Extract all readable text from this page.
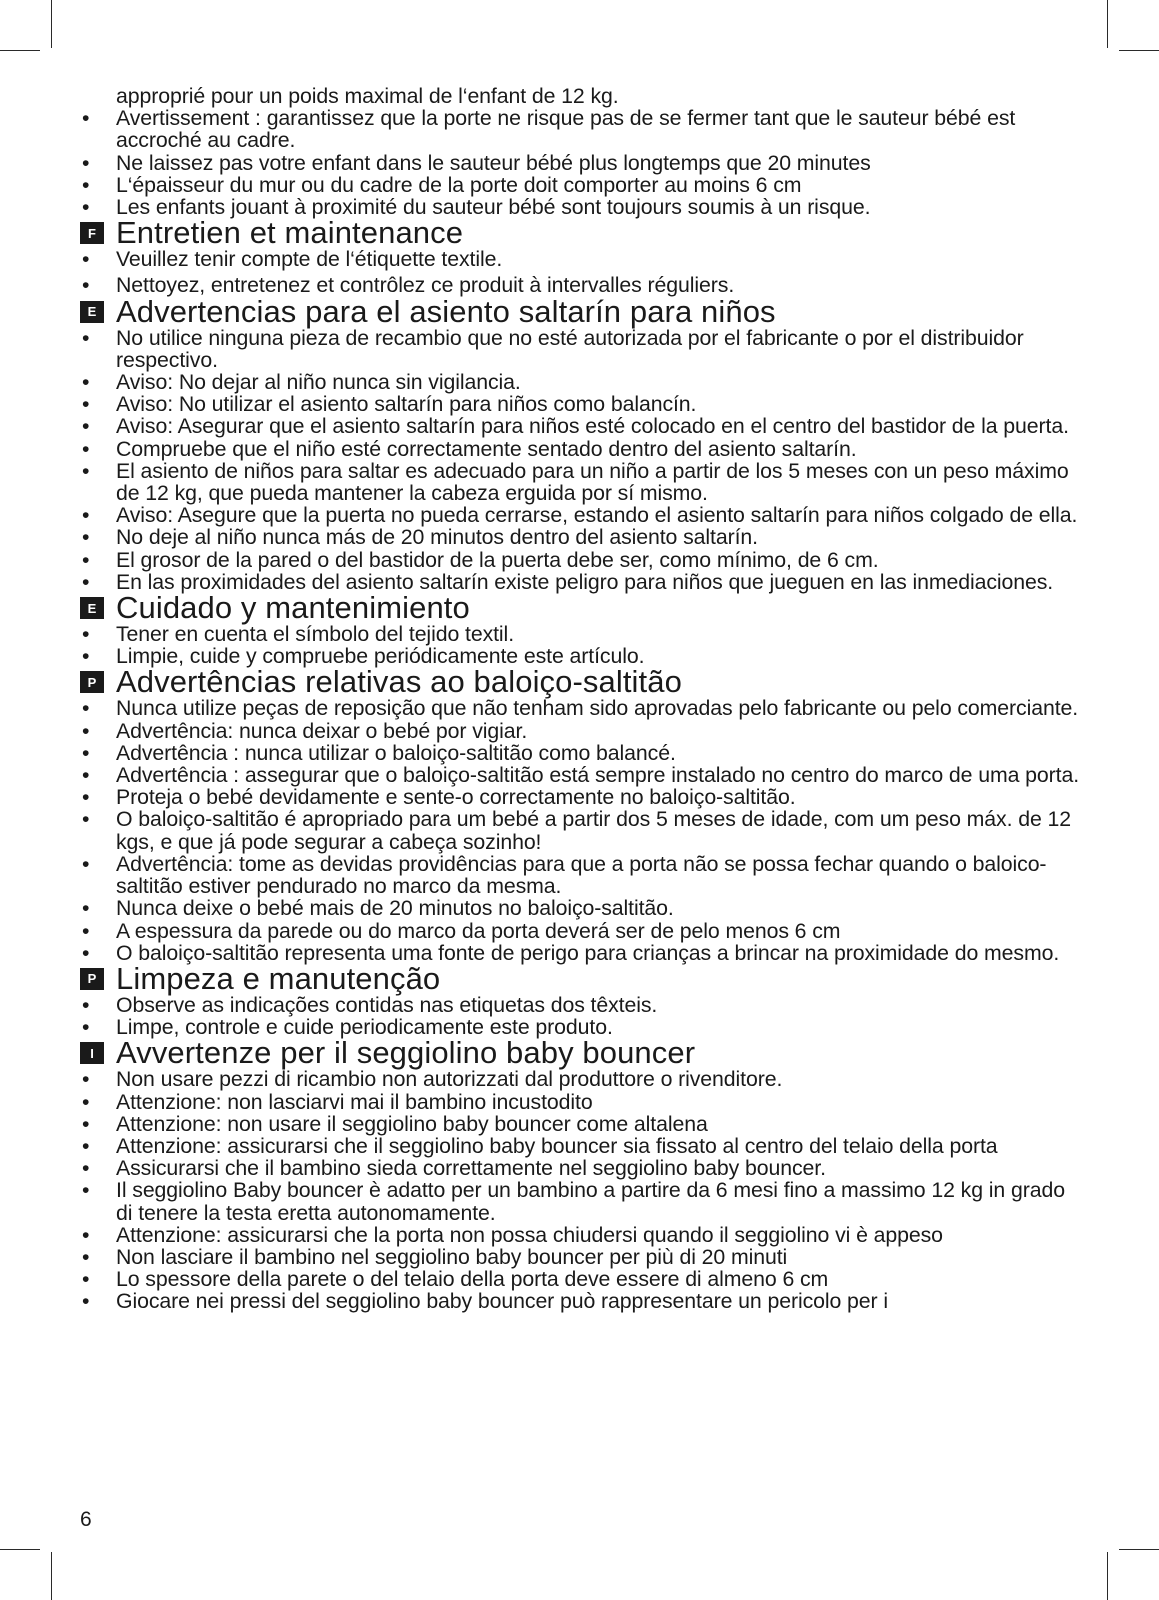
approprié pour un poids maximal de l‘enfant de 12 kg.
• Avertissement : garantissez que la porte ne risque pas de se fermer tant que le sauteur bébé est accroché au cadre.
• Ne laissez pas votre enfant dans le sauteur bébé plus longtemps que 20 minutes
• L‘épaisseur du mur ou du cadre de la porte doit comporter au moins 6 cm
• Les enfants jouant à proximité du sauteur bébé sont toujours soumis à un risque.
F Entretien et maintenance
• Veuillez tenir compte de l‘étiquette textile.
• Nettoyez, entretenez et contrôlez ce produit à intervalles réguliers.
E Advertencias para el asiento saltarín para niños
• No utilice ninguna pieza de recambio que no esté autorizada por el fabricante o por el distribuidor respectivo.
• Aviso: No dejar al niño nunca sin vigilancia.
• Aviso: No utilizar el asiento saltarín para niños como balancín.
• Aviso: Asegurar que el asiento saltarín para niños esté colocado en el centro del bastidor de la puerta.
• Compruebe que el niño esté correctamente sentado dentro del asiento saltarín.
• El asiento de niños para saltar es adecuado para un niño a partir de los 5 meses con un peso máximo de 12 kg, que pueda mantener la cabeza erguida por sí mismo.
• Aviso: Asegure que la puerta no pueda cerrarse, estando el asiento saltarín para niños colgado de ella.
• No deje al niño nunca más de 20 minutos dentro del asiento saltarín.
• El grosor de la pared o del bastidor de la puerta debe ser, como mínimo, de 6 cm.
• En las proximidades del asiento saltarín existe peligro para niños que jueguen en las inmediaciones.
E Cuidado y mantenimiento
• Tener en cuenta el símbolo del tejido textil.
• Limpie, cuide y compruebe periódicamente este artículo.
P Advertências relativas ao baloiço-saltitão
• Nunca utilize peças de reposição que não tenham sido aprovadas pelo fabricante ou pelo comerciante.
• Advertência: nunca deixar o bebé por vigiar.
• Advertência : nunca utilizar o baloiço-saltitão como balancé.
• Advertência : assegurar que o baloiço-saltitão está sempre instalado no centro do marco de uma porta.
• Proteja o bebé devidamente e sente-o correctamente no baloiço-saltitão.
• O baloiço-saltitão é apropriado para um bebé a partir dos 5 meses de idade, com um peso máx. de 12 kgs, e que já pode segurar a cabeça sozinho!
• Advertência: tome as devidas providências para que a porta não se possa fechar quando o baloico-saltitão estiver pendurado no marco da mesma.
• Nunca deixe o bebé mais de 20 minutos no baloiço-saltitão.
• A espessura da parede ou do marco da porta deverá ser de pelo menos 6 cm
• O baloiço-saltitão representa uma fonte de perigo para crianças a brincar na proximidade do mesmo.
P Limpeza e manutenção
• Observe as indicações contidas nas etiquetas dos têxteis.
• Limpe, controle e cuide periodicamente este produto.
I Avvertenze per il seggiolino baby bouncer
• Non usare pezzi di ricambio non autorizzati dal produttore o rivenditore.
• Attenzione: non lasciarvi mai il bambino incustodito
• Attenzione: non usare il seggiolino baby bouncer come altalena
• Attenzione: assicurarsi che il seggiolino baby bouncer sia fissato al centro del telaio della porta
• Assicurarsi che il bambino sieda correttamente nel seggiolino baby bouncer.
• Il seggiolino Baby bouncer è adatto per un bambino a partire da 6 mesi fino a massimo 12 kg in grado di tenere la testa eretta autonomamente.
• Attenzione: assicurarsi che la porta non possa chiudersi quando il seggiolino vi è appeso
• Non lasciare il bambino nel seggiolino baby bouncer per più di 20 minuti
• Lo spessore della parete o del telaio della porta deve essere di almeno 6 cm
• Giocare nei pressi del seggiolino baby bouncer può rappresentare un pericolo per i
6
